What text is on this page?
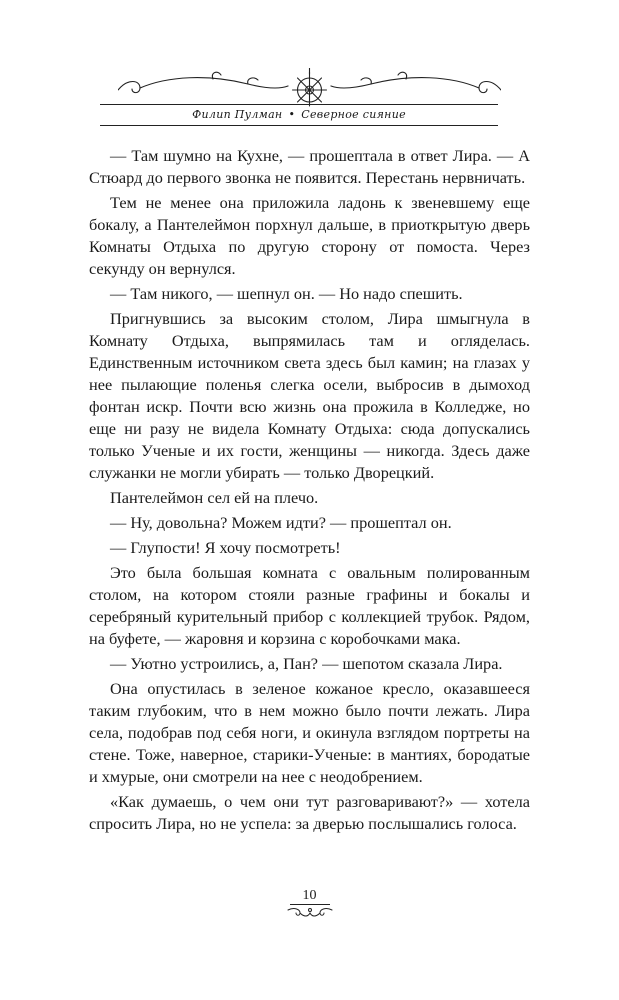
Филип Пулман • Северное сияние

— Там шумно на Кухне, — прошептала в ответ Лира. — А Стюард до первого звонка не появится. Перестань нервничать.

Тем не менее она приложила ладонь к звеневшему еще бокалу, а Пантелеймон порхнул дальше, в приоткрытую дверь Комнаты Отдыха по другую сторону от помоста. Через секунду он вернулся.

— Там никого, — шепнул он. — Но надо спешить.

Пригнувшись за высоким столом, Лира шмыгнула в Комнату Отдыха, выпрямилась там и огляделась. Единственным источником света здесь был камин; на глазах у нее пылающие поленья слегка осели, выбросив в дымоход фонтан искр. Почти всю жизнь она прожила в Колледже, но еще ни разу не видела Комнату Отдыха: сюда допускались только Ученые и их гости, женщины — никогда. Здесь даже служанки не могли убирать — только Дворецкий.

Пантелеймон сел ей на плечо.

— Ну, довольна? Можем идти? — прошептал он.

— Глупости! Я хочу посмотреть!

Это была большая комната с овальным полированным столом, на котором стояли разные графины и бокалы и серебряный курительный прибор с коллекцией трубок. Рядом, на буфете, — жаровня и корзина с коробочками мака.

— Уютно устроились, а, Пан? — шепотом сказала Лира.

Она опустилась в зеленое кожаное кресло, оказавшееся таким глубоким, что в нем можно было почти лежать. Лира села, подобрав под себя ноги, и окинула взглядом портреты на стене. Тоже, наверное, старики-Ученые: в мантиях, бородатые и хмурые, они смотрели на нее с неодобрением.

«Как думаешь, о чем они тут разговаривают?» — хотела спросить Лира, но не успела: за дверью послышались голоса.

10
